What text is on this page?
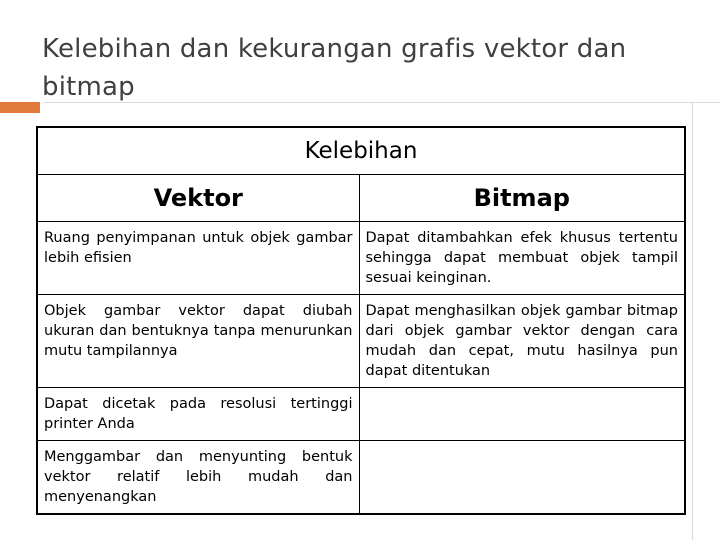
Kelebihan dan kekurangan grafis vektor dan bitmap
Kelebihan	
Vektor	Bitmap

Ruang penyimpanan untuk objek gambar lebih efisien	Dapat ditambahkan efek khusus tertentu sehingga dapat membuat objek tampil sesuai keinginan.

Objek gambar vektor dapat diubah ukuran dan bentuknya tanpa menurunkan mutu tampilannya	Dapat menghasilkan objek gambar bitmap dari objek gambar vektor dengan cara mudah dan cepat, mutu hasilnya pun dapat ditentukan

Dapat dicetak pada resolusi tertinggi printer Anda	

Menggambar dan menyunting bentuk vektor relatif lebih mudah dan menyenangkan	
